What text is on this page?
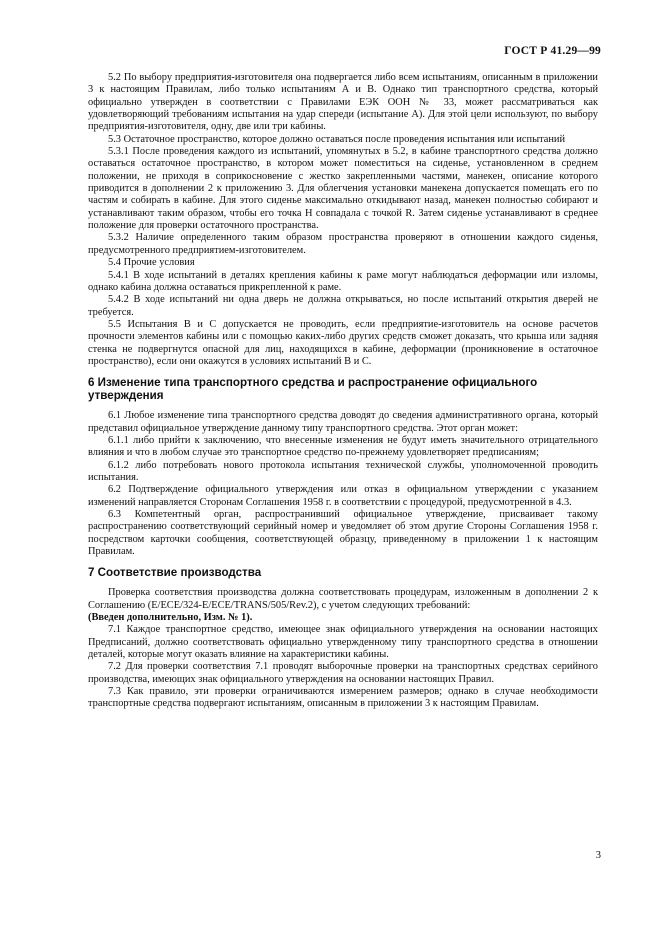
ГОСТ Р 41.29—99

5.2 По выбору предприятия-изготовителя она подвергается либо всем испытаниям, описанным в приложении 3 к настоящим Правилам, либо только испытаниям А и В. Однако тип транспортного средства, который официально утвержден в соответствии с Правилами ЕЭК ООН № 33, может рассматриваться как удовлетворяющий требованиям испытания на удар спереди (испытание А). Для этой цели используют, по выбору предприятия-изготовителя, одну, две или три кабины.

5.3 Остаточное пространство, которое должно оставаться после проведения испытания или испытаний

5.3.1 После проведения каждого из испытаний, упомянутых в 5.2, в кабине транспортного средства должно оставаться остаточное пространство, в котором может поместиться на сиденье, установленном в среднем положении, не приходя в соприкосновение с жестко закрепленными частями, манекен, описание которого приводится в дополнении 2 к приложению 3. Для облегчения установки манекена допускается помещать его по частям и собирать в кабине. Для этого сиденье максимально откидывают назад, манекен полностью собирают и устанавливают таким образом, чтобы его точка H совпадала с точкой R. Затем сиденье устанавливают в среднее положение для проверки остаточного пространства.

5.3.2 Наличие определенного таким образом пространства проверяют в отношении каждого сиденья, предусмотренного предприятием-изготовителем.

5.4 Прочие условия

5.4.1 В ходе испытаний в деталях крепления кабины к раме могут наблюдаться деформации или изломы, однако кабина должна оставаться прикрепленной к раме.

5.4.2 В ходе испытаний ни одна дверь не должна открываться, но после испытаний открытия дверей не требуется.

5.5 Испытания В и С допускается не проводить, если предприятие-изготовитель на основе расчетов прочности элементов кабины или с помощью каких-либо других средств сможет доказать, что крыша или задняя стенка не подвергнутся опасной для лиц, находящихся в кабине, деформации (проникновение в остаточное пространство), если они окажутся в условиях испытаний В и С.

6 Изменение типа транспортного средства и распространение официального утверждения

6.1 Любое изменение типа транспортного средства доводят до сведения административного органа, который представил официальное утверждение данному типу транспортного средства. Этот орган может:

6.1.1 либо прийти к заключению, что внесенные изменения не будут иметь значительного отрицательного влияния и что в любом случае это транспортное средство по-прежнему удовлетворяет предписаниям;

6.1.2 либо потребовать нового протокола испытания технической службы, уполномоченной проводить испытания.

6.2 Подтверждение официального утверждения или отказ в официальном утверждении с указанием изменений направляется Сторонам Соглашения 1958 г. в соответствии с процедурой, предусмотренной в 4.3.

6.3 Компетентный орган, распространивший официальное утверждение, присваивает такому распространению соответствующий серийный номер и уведомляет об этом другие Стороны Соглашения 1958 г. посредством карточки сообщения, соответствующей образцу, приведенному в приложении 1 к настоящим Правилам.

7 Соответствие производства

Проверка соответствия производства должна соответствовать процедурам, изложенным в дополнении 2 к Соглашению (E/ECE/324-E/ECE/TRANS/505/Rev.2), с учетом следующих требований:

(Введен дополнительно, Изм. № 1).

7.1 Каждое транспортное средство, имеющее знак официального утверждения на основании настоящих Предписаний, должно соответствовать официально утвержденному типу транспортного средства в отношении деталей, которые могут оказать влияние на характеристики кабины.

7.2 Для проверки соответствия 7.1 проводят выборочные проверки на транспортных средствах серийного производства, имеющих знак официального утверждения на основании настоящих Правил.

7.3 Как правило, эти проверки ограничиваются измерением размеров; однако в случае необходимости транспортные средства подвергают испытаниям, описанным в приложении 3 к настоящим Правилам.

3
